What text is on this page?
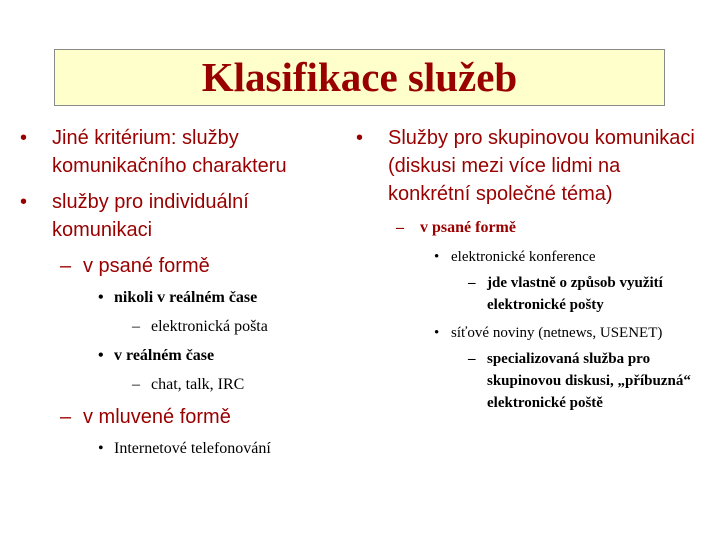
Klasifikace služeb
• Jiné kritérium: služby komunikačního charakteru
• služby pro individuální komunikaci
– v psané formě
• nikoli v reálném čase
– elektronická pošta
• v reálném čase
– chat, talk, IRC
– v mluvené formě
• Internetové telefonování
• Služby pro skupinovou komunikaci (diskusi mezi více lidmi na konkrétní společné téma)
– v psané formě
• elektronické konference
– jde vlastně o způsob využití elektronické pošty
• síťové noviny (netnews, USENET)
– specializovaná služba pro skupinovou diskusi, „příbuzná“ elektronické poště
